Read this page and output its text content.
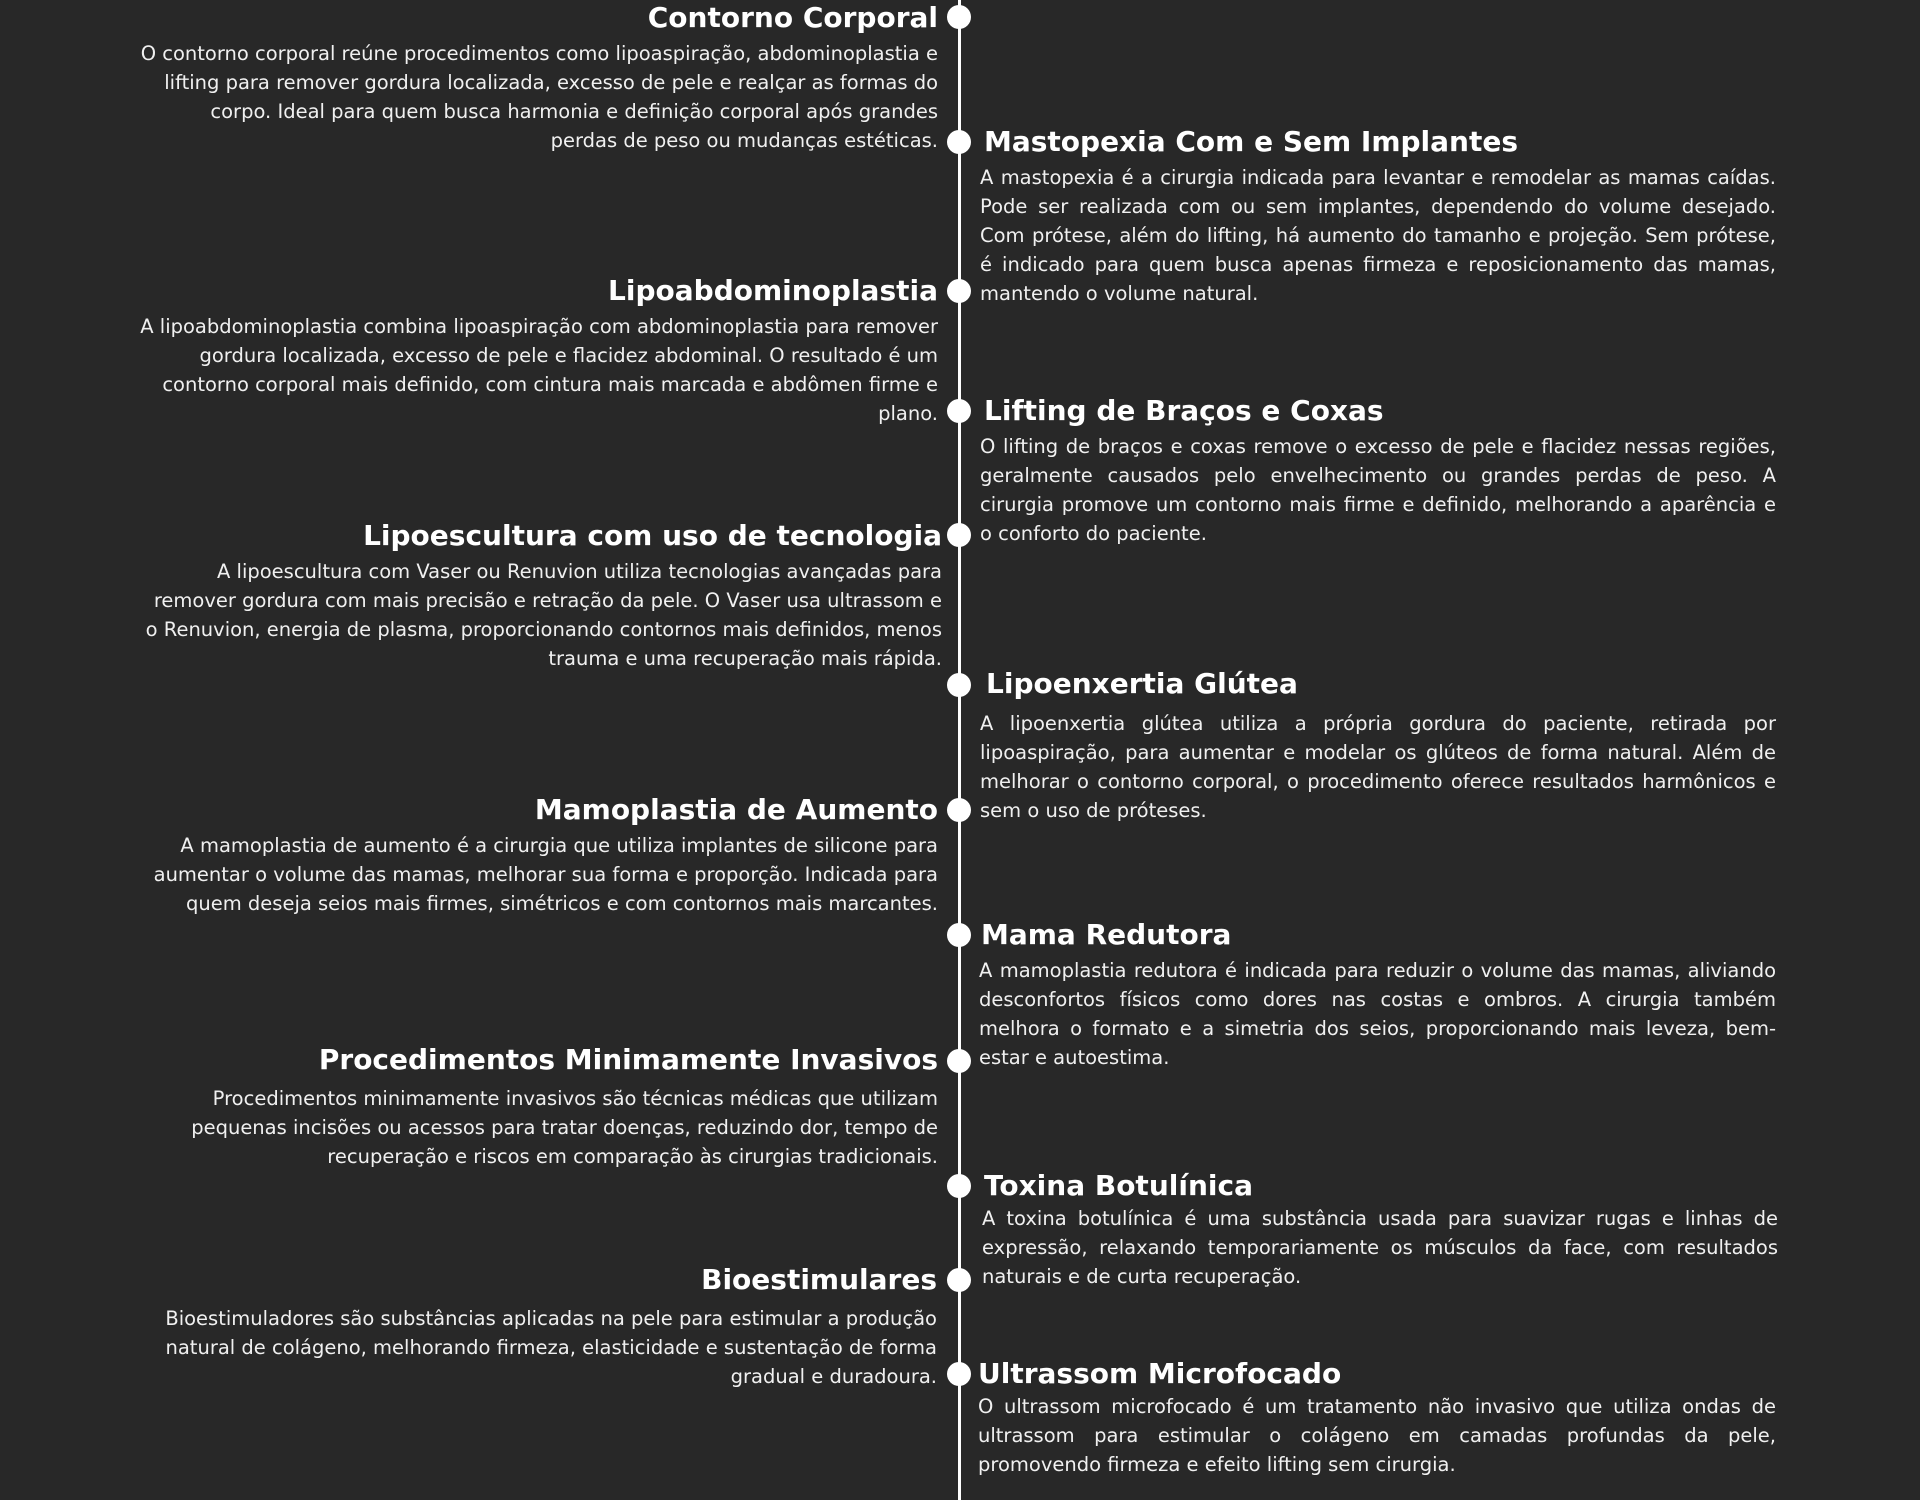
Contorno Corporal

O contorno corporal reúne procedimentos como lipoaspiração, abdominoplastia e lifting para remover gordura localizada, excesso de pele e realçar as formas do corpo. Ideal para quem busca harmonia e definição corporal após grandes perdas de peso ou mudanças estéticas.

Lipoabdominoplastia

A lipoabdominoplastia combina lipoaspiração com abdominoplastia para remover gordura localizada, excesso de pele e flacidez abdominal. O resultado é um contorno corporal mais definido, com cintura mais marcada e abdômen firme e plano.

Lipoescultura com uso de tecnologia

A lipoescultura com Vaser ou Renuvion utiliza tecnologias avançadas para remover gordura com mais precisão e retração da pele. O Vaser usa ultrassom e o Renuvion, energia de plasma, proporcionando contornos mais definidos, menos trauma e uma recuperação mais rápida.

Mamoplastia de Aumento

A mamoplastia de aumento é a cirurgia que utiliza implantes de silicone para aumentar o volume das mamas, melhorar sua forma e proporção. Indicada para quem deseja seios mais firmes, simétricos e com contornos mais marcantes.

Procedimentos Minimamente Invasivos

Procedimentos minimamente invasivos são técnicas médicas que utilizam pequenas incisões ou acessos para tratar doenças, reduzindo dor, tempo de recuperação e riscos em comparação às cirurgias tradicionais.

Bioestimulares

Bioestimuladores são substâncias aplicadas na pele para estimular a produção natural de colágeno, melhorando firmeza, elasticidade e sustentação de forma gradual e duradoura.

Mastopexia Com e Sem Implantes

A mastopexia é a cirurgia indicada para levantar e remodelar as mamas caídas. Pode ser realizada com ou sem implantes, dependendo do volume desejado. Com prótese, além do lifting, há aumento do tamanho e projeção. Sem prótese, é indicado para quem busca apenas firmeza e reposicionamento das mamas, mantendo o volume natural.

Lifting de Braços e Coxas

O lifting de braços e coxas remove o excesso de pele e flacidez nessas regiões, geralmente causados pelo envelhecimento ou grandes perdas de peso. A cirurgia promove um contorno mais firme e definido, melhorando a aparência e o conforto do paciente.

Lipoenxertia Glútea

A lipoenxertia glútea utiliza a própria gordura do paciente, retirada por lipoaspiração, para aumentar e modelar os glúteos de forma natural. Além de melhorar o contorno corporal, o procedimento oferece resultados harmônicos e sem o uso de próteses.

Mama Redutora

A mamoplastia redutora é indicada para reduzir o volume das mamas, aliviando desconfortos físicos como dores nas costas e ombros. A cirurgia também melhora o formato e a simetria dos seios, proporcionando mais leveza, bem-estar e autoestima.

Toxina Botulínica

A toxina botulínica é uma substância usada para suavizar rugas e linhas de expressão, relaxando temporariamente os músculos da face, com resultados naturais e de curta recuperação.

Ultrassom Microfocado

O ultrassom microfocado é um tratamento não invasivo que utiliza ondas de ultrassom para estimular o colágeno em camadas profundas da pele, promovendo firmeza e efeito lifting sem cirurgia.
